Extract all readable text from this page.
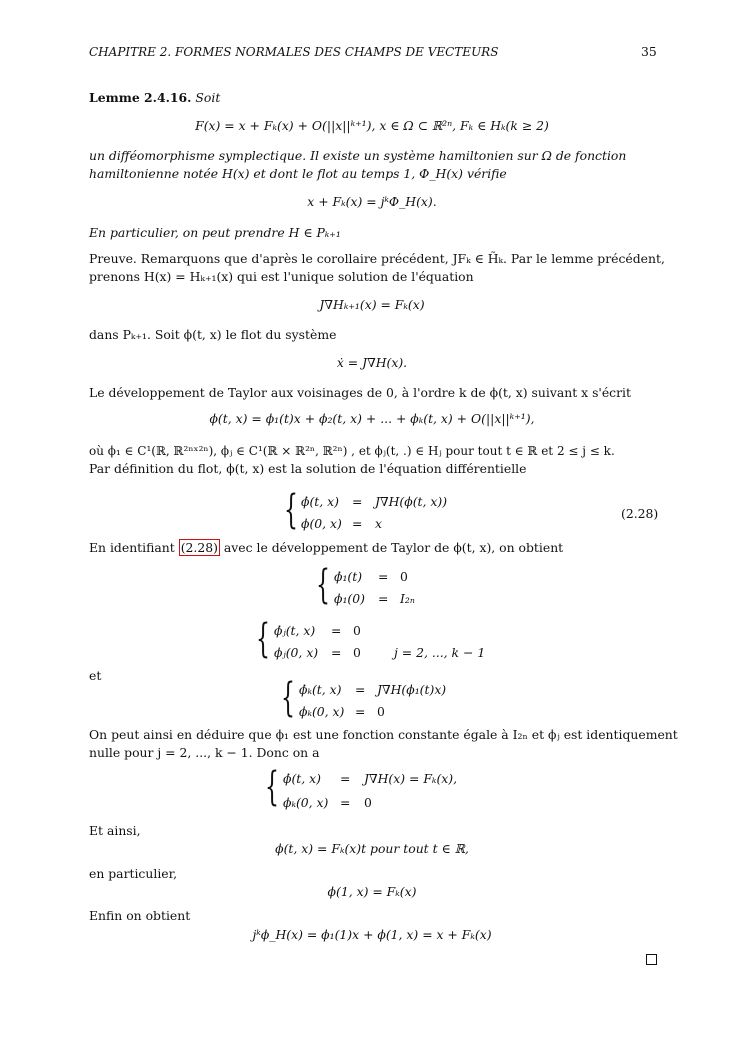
CHAPITRE 2. FORMES NORMALES DES CHAMPS DE VECTEURS	35
Lemme 2.4.16. Soit
F(x) = x + Fₖ(x) + O(||x||ᵏ⁺¹), x ∈ Ω ⊂ ℝ²ⁿ, Fₖ ∈ Hₖ(k ≥ 2)
un difféomorphisme symplectique. Il existe un système hamiltonien sur Ω de fonction
hamiltonienne notée H(x) et dont le flot au temps 1, Φ_H(x) vérifie
x + Fₖ(x) = jᵏΦ_H(x).
En particulier, on peut prendre H ∈ Pₖ₊₁
Preuve. Remarquons que d'après le corollaire précédent, JFₖ ∈ H̃ₖ. Par le lemme précédent,
prenons H(x) = Hₖ₊₁(x) qui est l'unique solution de l'équation
J∇Hₖ₊₁(x) = Fₖ(x)
dans Pₖ₊₁. Soit ϕ(t, x) le flot du système
ẋ = J∇H(x).
Le développement de Taylor aux voisinages de 0, à l'ordre k de ϕ(t, x) suivant x s'écrit
ϕ(t, x) = ϕ₁(t)x + ϕ₂(t, x) + ... + ϕₖ(t, x) + O(||x||ᵏ⁺¹),
où ϕ₁ ∈ C¹(ℝ, ℝ²ⁿˣ²ⁿ), ϕⱼ ∈ C¹(ℝ × ℝ²ⁿ, ℝ²ⁿ) , et ϕⱼ(t, .) ∈ Hⱼ pour tout t ∈ ℝ et 2 ≤ j ≤ k.
Par définition du flot, ϕ(t, x) est la solution de l'équation différentielle
{ ϕ̇(t, x) = J∇H(ϕ(t, x))
ϕ(0, x) = x
(2.28)
En identifiant (2.28) avec le développement de Taylor de ϕ(t, x), on obtient
{ ϕ̇₁(t) = 0
ϕ₁(0) = I₂ₙ
{ ϕ̇ⱼ(t, x) = 0
ϕⱼ(0, x) = 0	j = 2, ..., k − 1
et	{ ϕ̇ₖ(t, x) = J∇H(ϕ₁(t)x)
ϕₖ(0, x) = 0
On peut ainsi en déduire que ϕ₁ est une fonction constante égale à I₂ₙ et ϕⱼ est identiquement
nulle pour j = 2, ..., k − 1. Donc on a
{ ϕ̇(t, x) = J∇H(x) = Fₖ(x),
ϕₖ(0, x) = 0
Et ainsi,
ϕ(t, x) = Fₖ(x)t pour tout t ∈ ℝ,
en particulier,
ϕ(1, x) = Fₖ(x)
Enfin on obtient
jᵏϕ_H(x) = ϕ₁(1)x + ϕ(1, x) = x + Fₖ(x)
